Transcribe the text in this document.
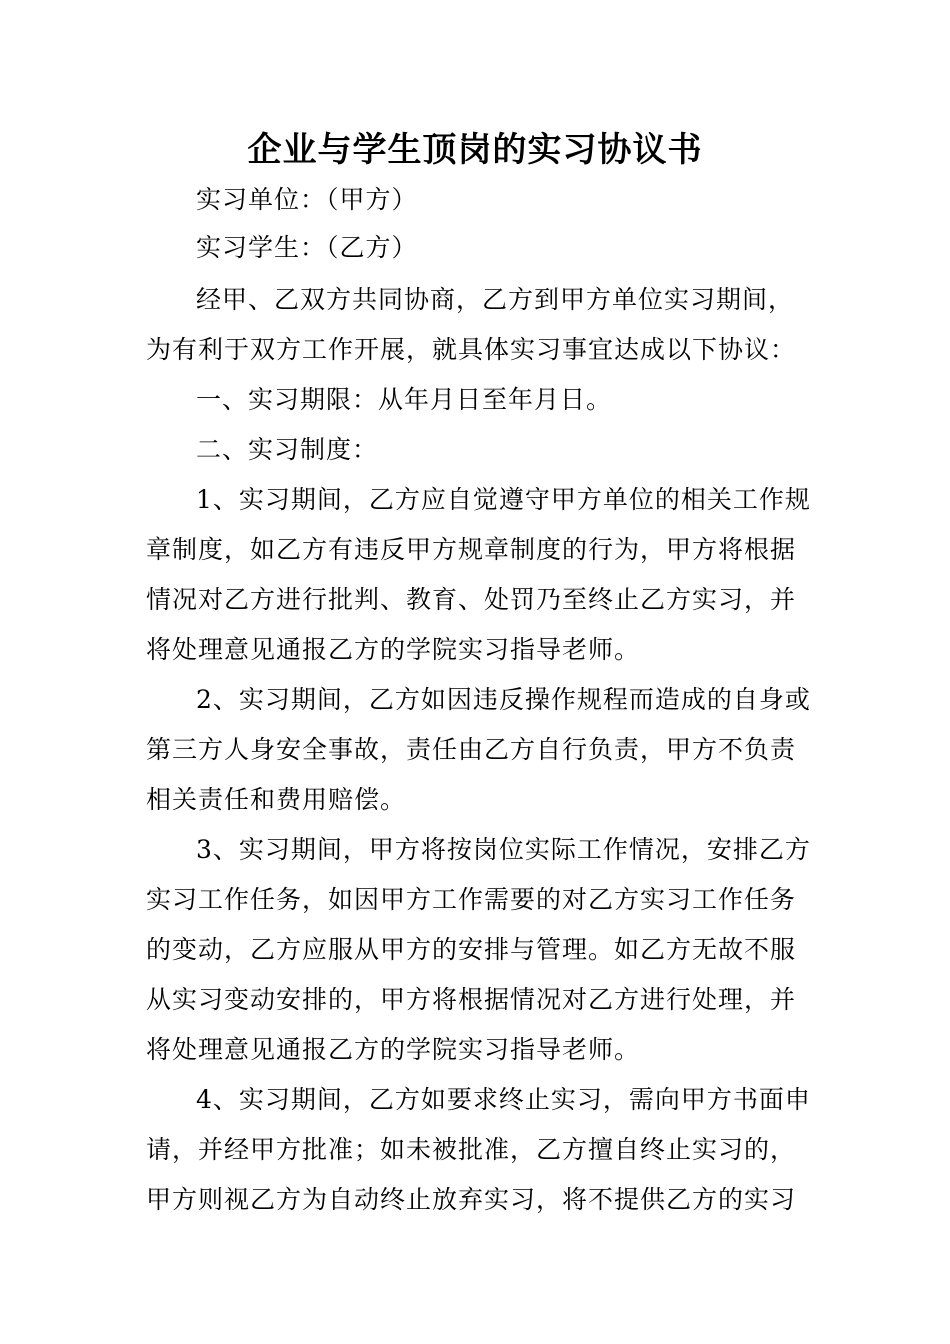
企业与学生顶岗的实习协议书
实习单位：（甲方）
实习学生：（乙方）
经甲、乙双方共同协商，乙方到甲方单位实习期间，
为有利于双方工作开展，就具体实习事宜达成以下协议：
一、实习期限：从年月日至年月日。
二、实习制度：
1、实习期间，乙方应自觉遵守甲方单位的相关工作规
章制度，如乙方有违反甲方规章制度的行为，甲方将根据
情况对乙方进行批判、教育、处罚乃至终止乙方实习，并
将处理意见通报乙方的学院实习指导老师。
2、实习期间，乙方如因违反操作规程而造成的自身或
第三方人身安全事故，责任由乙方自行负责，甲方不负责
相关责任和费用赔偿。
3、实习期间，甲方将按岗位实际工作情况，安排乙方
实习工作任务，如因甲方工作需要的对乙方实习工作任务
的变动，乙方应服从甲方的安排与管理。如乙方无故不服
从实习变动安排的，甲方将根据情况对乙方进行处理，并
将处理意见通报乙方的学院实习指导老师。
4、实习期间，乙方如要求终止实习，需向甲方书面申
请，并经甲方批准；如未被批准，乙方擅自终止实习的，
甲方则视乙方为自动终止放弃实习，将不提供乙方的实习
